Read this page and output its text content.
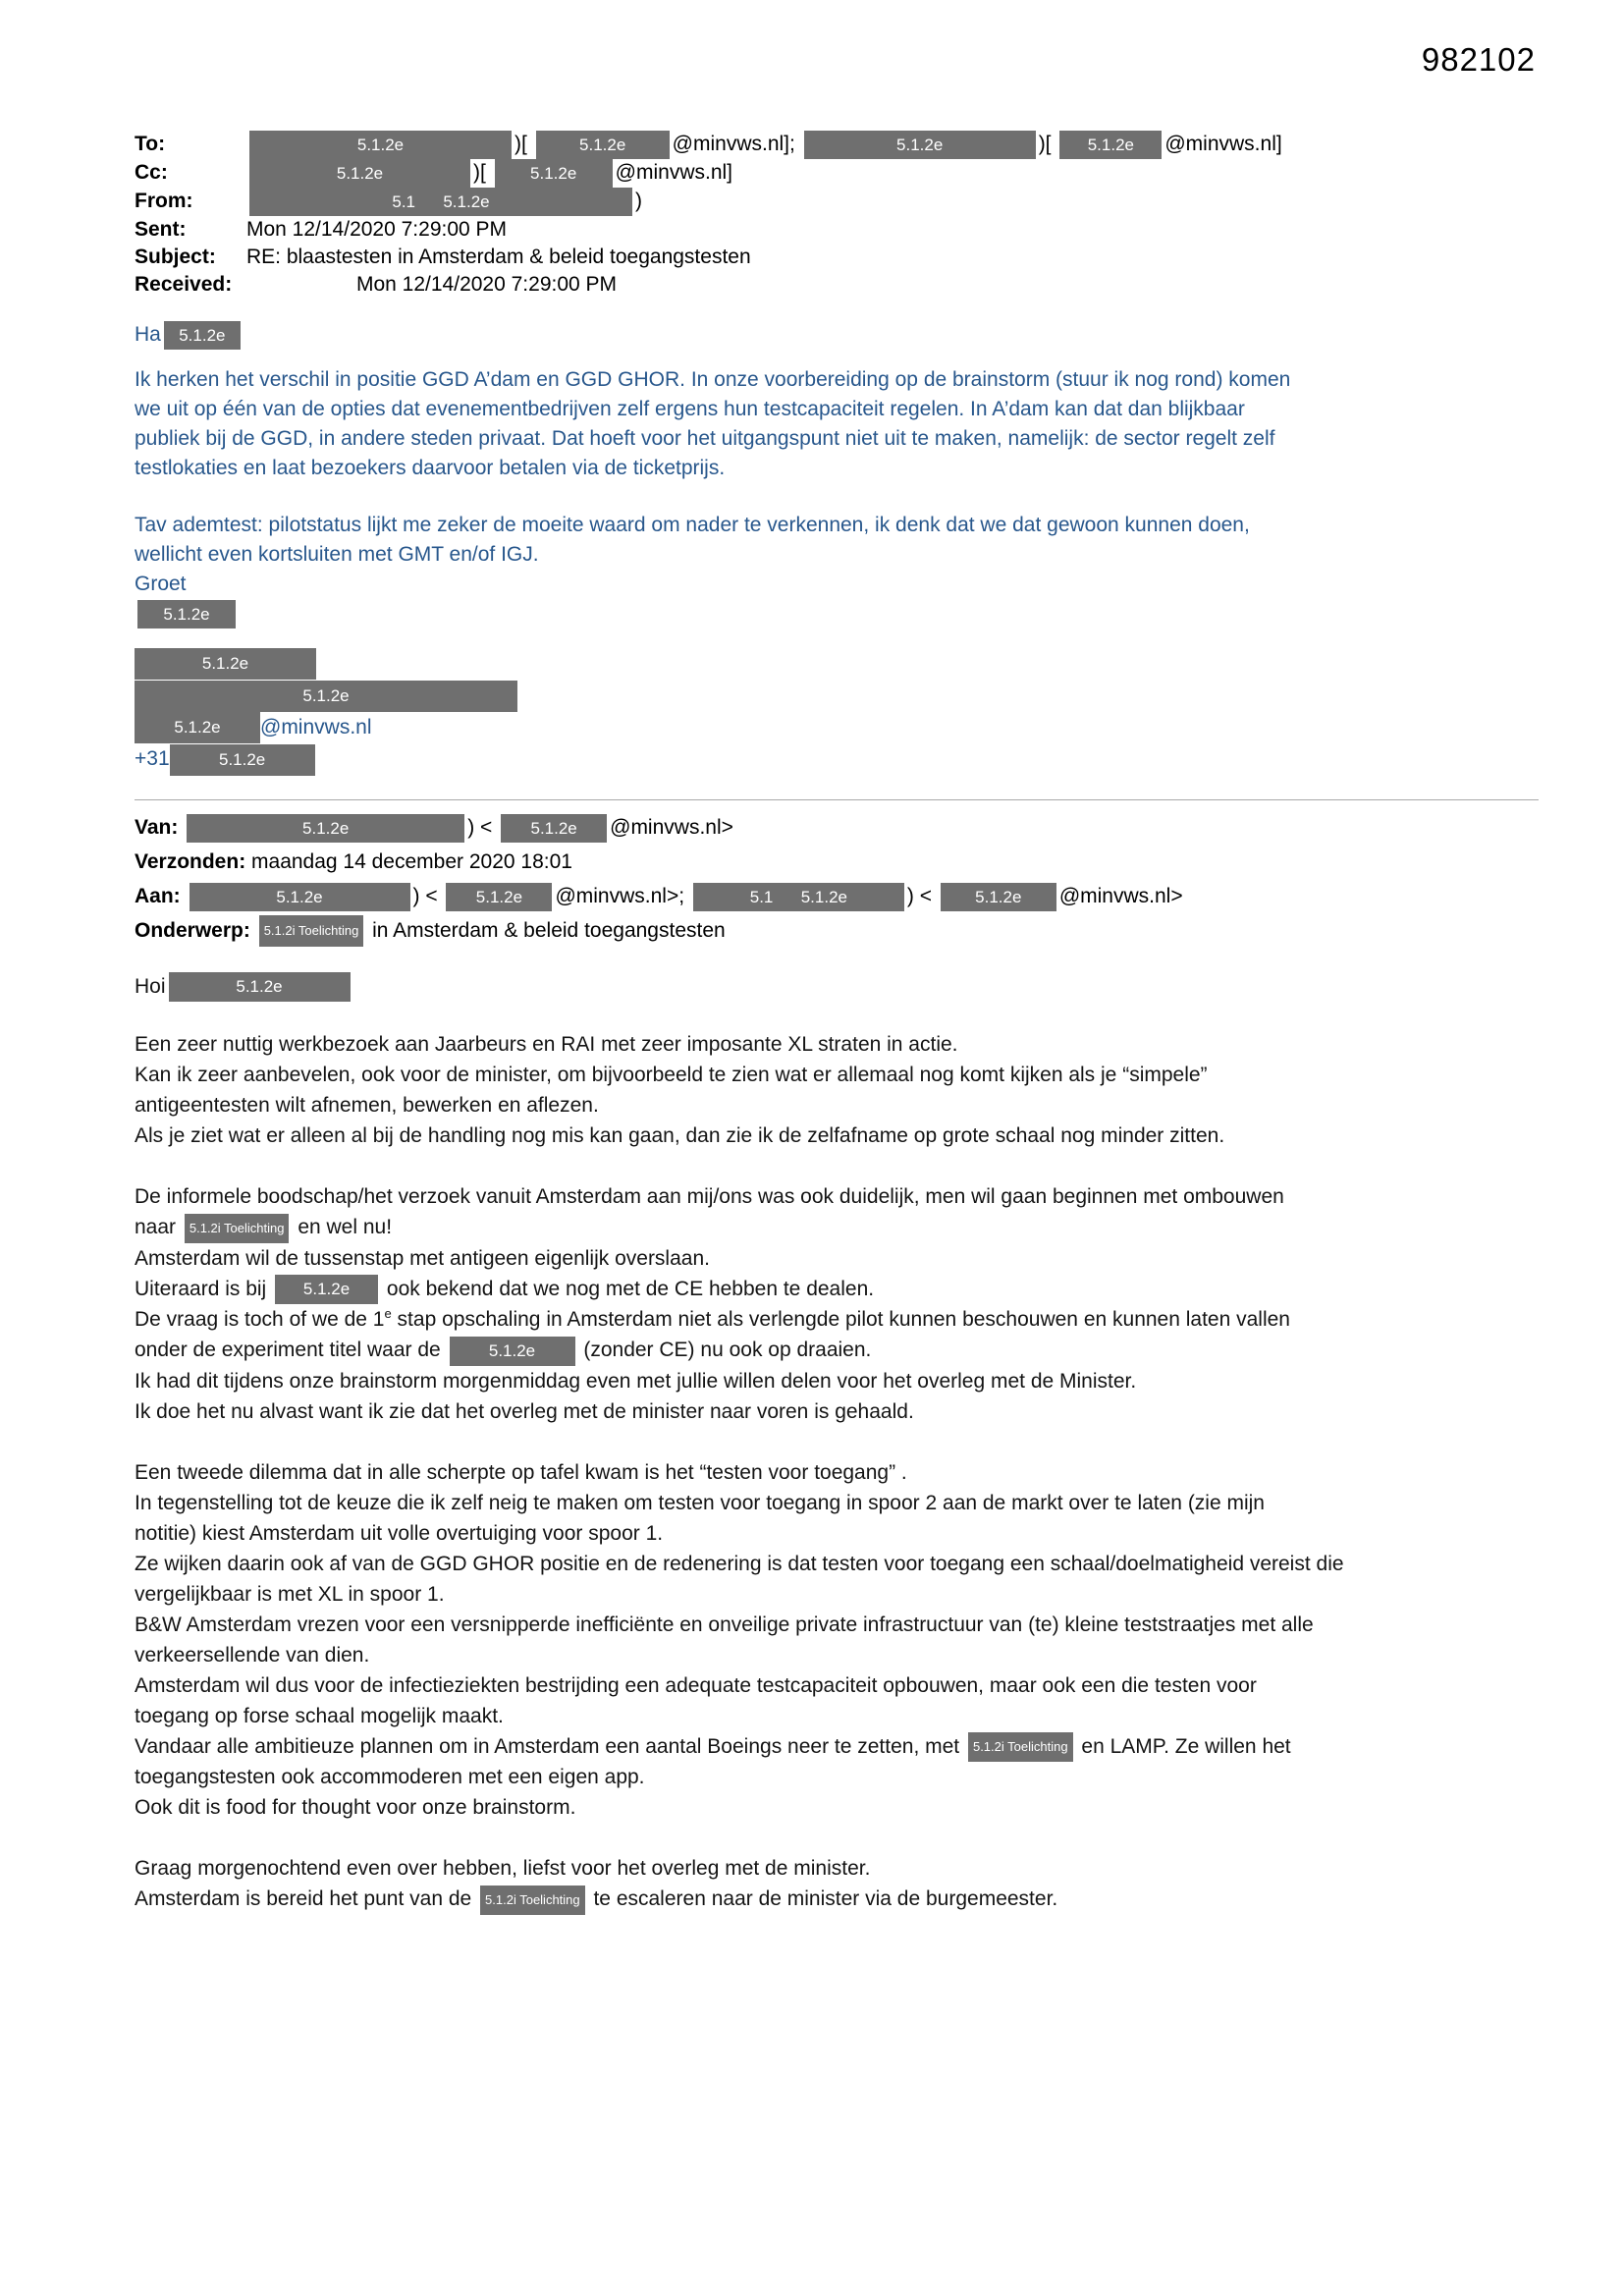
982102
To:	5.1.2e	)[	5.1.2e @minvws.nl];	5.1.2e	)[ 5.1.2e @minvws.nl]
Cc:	5.1.2e	)[ 5.1.2e @minvws.nl]
From:	5.1      5.1.2e	)
Sent:	Mon 12/14/2020 7:29:00 PM
Subject:	RE: blaastesten in Amsterdam & beleid toegangstesten
Received:	Mon 12/14/2020 7:29:00 PM
Ha 5.1.2e
Ik herken het verschil in positie GGD A’dam en GGD GHOR. In onze voorbereiding op de brainstorm (stuur ik nog rond) komen
we uit op één van de opties dat evenementbedrijven zelf ergens hun testcapaciteit regelen. In A’dam kan dat dan blijkbaar
publiek bij de GGD, in andere steden privaat. Dat hoeft voor het uitgangspunt niet uit te maken, namelijk: de sector regelt zelf
testlokaties en laat bezoekers daarvoor betalen via de ticketprijs.
Tav ademtest: pilotstatus lijkt me zeker de moeite waard om nader te verkennen, ik denk dat we dat gewoon kunnen doen,
wellicht even kortsluiten met GMT en/of IGJ.
Groet
5.1.2e
5.1.2e
5.1.2e
5.1.2e @minvws.nl
+31	5.1.2e
Van:	5.1.2e	) < 5.1.2e @minvws.nl>
Verzonden: maandag 14 december 2020 18:01
Aan:	5.1.2e	) < 5.1.2e @minvws.nl>;	5.1      5.1.2e	) < 5.1.2e @minvws.nl>
Onderwerp: 5.1.2i Toelichting in Amsterdam & beleid toegangstesten
Hoi	5.1.2e
Een zeer nuttig werkbezoek aan Jaarbeurs en RAI met zeer imposante XL straten in actie.
Kan ik zeer aanbevelen, ook voor de minister, om bijvoorbeeld te zien wat er allemaal nog komt kijken als je “simpele”
antigeentesten wilt afnemen, bewerken en aflezen.
Als je ziet wat er alleen al bij de handling nog mis kan gaan, dan zie ik de zelfafname op grote schaal nog minder zitten.
De informele boodschap/het verzoek vanuit Amsterdam aan mij/ons was ook duidelijk, men wil gaan beginnen met ombouwen
naar 5.1.2i Toelichting en wel nu!
Amsterdam wil de tussenstap met antigeen eigenlijk overslaan.
Uiteraard is bij 5.1.2e ook bekend dat we nog met de CE hebben te dealen.
De vraag is toch of we de 1e stap opschaling in Amsterdam niet als verlengde pilot kunnen beschouwen en kunnen laten vallen
onder de experiment titel waar de	5.1.2e (zonder CE) nu ook op draaien.
Ik had dit tijdens onze brainstorm morgenmiddag even met jullie willen delen voor het overleg met de Minister.
Ik doe het nu alvast want ik zie dat het overleg met de minister naar voren is gehaald.
Een tweede dilemma dat in alle scherpte op tafel kwam is het “testen voor toegang” .
In tegenstelling tot de keuze die ik zelf neig te maken om testen voor toegang in spoor 2 aan de markt over te laten (zie mijn
notitie) kiest Amsterdam uit volle overtuiging voor spoor 1.
Ze wijken daarin ook af van de GGD GHOR positie en de redenering is dat testen voor toegang een schaal/doelmatigheid vereist die
vergelijkbaar is met XL in spoor 1.
B&W Amsterdam vrezen voor een versnipperde inefficiënte en onveilige private infrastructuur van (te) kleine teststraatjes met alle
verkeersellende van dien.
Amsterdam wil dus voor de infectieziekten bestrijding een adequate testcapaciteit opbouwen, maar ook een die testen voor
toegang op forse schaal mogelijk maakt.
Vandaar alle ambitieuze plannen om in Amsterdam een aantal Boeings neer te zetten, met 5.1.2i Toelichting en LAMP. Ze willen het
toegangstesten ook accommoderen met een eigen app.
Ook dit is food for thought voor onze brainstorm.
Graag morgenochtend even over hebben, liefst voor het overleg met de minister.
Amsterdam is bereid het punt van de 5.1.2i Toelichting te escaleren naar de minister via de burgemeester.
